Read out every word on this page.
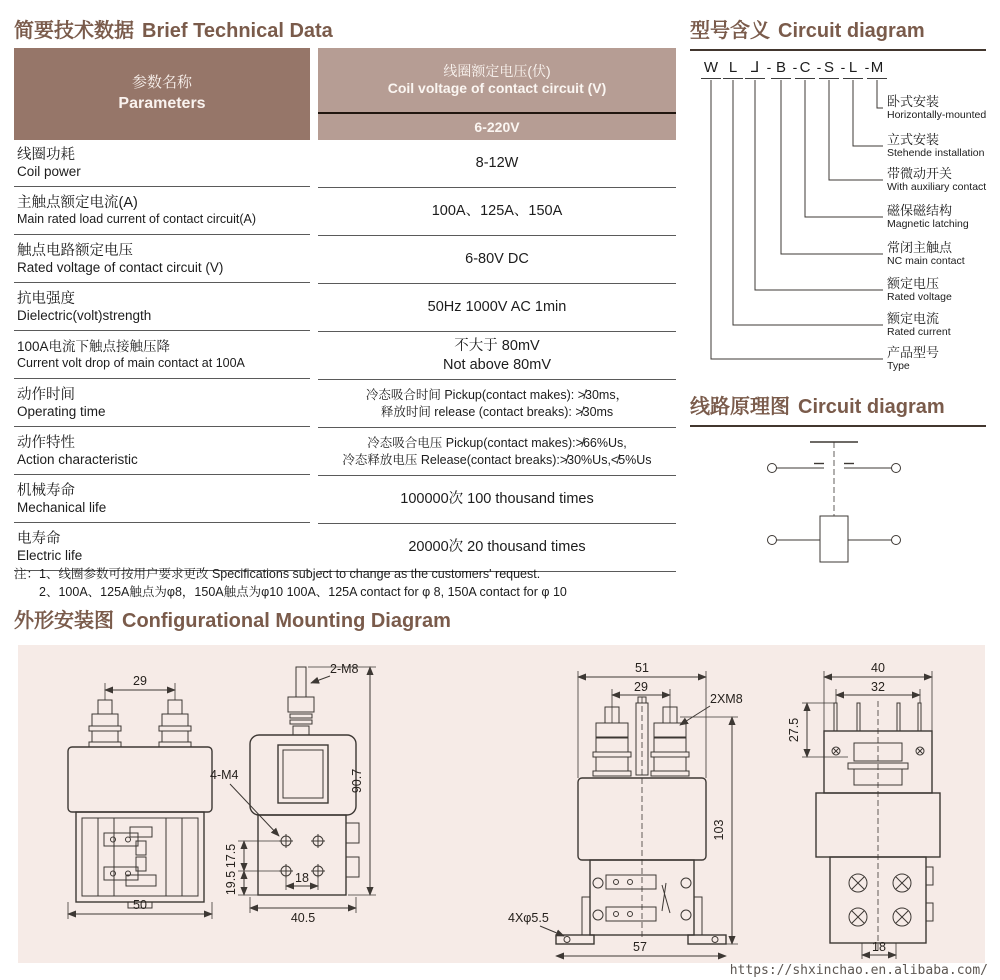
简要技术数据 Brief Technical Data
参数名称
Parameters
线圈额定电压(伏)
Coil voltage of contact circuit (V)
6-220V
线圈功耗
Coil power
8-12W
主触点额定电流(A)
Main rated load current of contact circuit(A)
100A、125A、150A
触点电路额定电压
Rated voltage of contact circuit (V)
6-80V DC
抗电强度
Dielectric(volt)strength
50Hz 1000V AC 1min
100A电流下触点接触压降
Current volt drop of main contact at 100A
不大于 80mV
Not above 80mV
动作时间
Operating time
冷态吸合时间 Pickup(contact makes): ≯30ms，
释放时间 release (contact breaks): ≯30ms
动作特性
Action characteristic
冷态吸合电压 Pickup(contact makes):≯66%Us,
冷态释放电压 Release(contact breaks):≯30%Us,≮5%Us
机械寿命
Mechanical life
100000次 100 thousand times
电寿命
Electric life
20000次 20 thousand times
注： 1、线圈参数可按用户要求更改 Specifications subject to change as the customers' request.
2、100A、125A触点为φ8，150A触点为φ10 100A、125A contact for φ 8, 150A contact for φ 10
外形安装图 Configurational Mounting Diagram
型号含义 Circuit diagram
W L ⅃ - B - C - S - L - M
卧式安装
Horizontally-mounted
立式安装
Stehende installation
带微动开关
With auxiliary contact
磁保磁结构
Magnetic latching
常闭主触点
NC main contact
额定电压
Rated voltage
额定电流
Rated current
产品型号
Type
线路原理图 Circuit diagram
29
50
2-M8
4-M4
17.5
19.5	18
40.5
90.7
51
29
2XM8
103
57
4Xφ5.5
40
32
27.5
18
https://shxinchao.en.alibaba.com/
